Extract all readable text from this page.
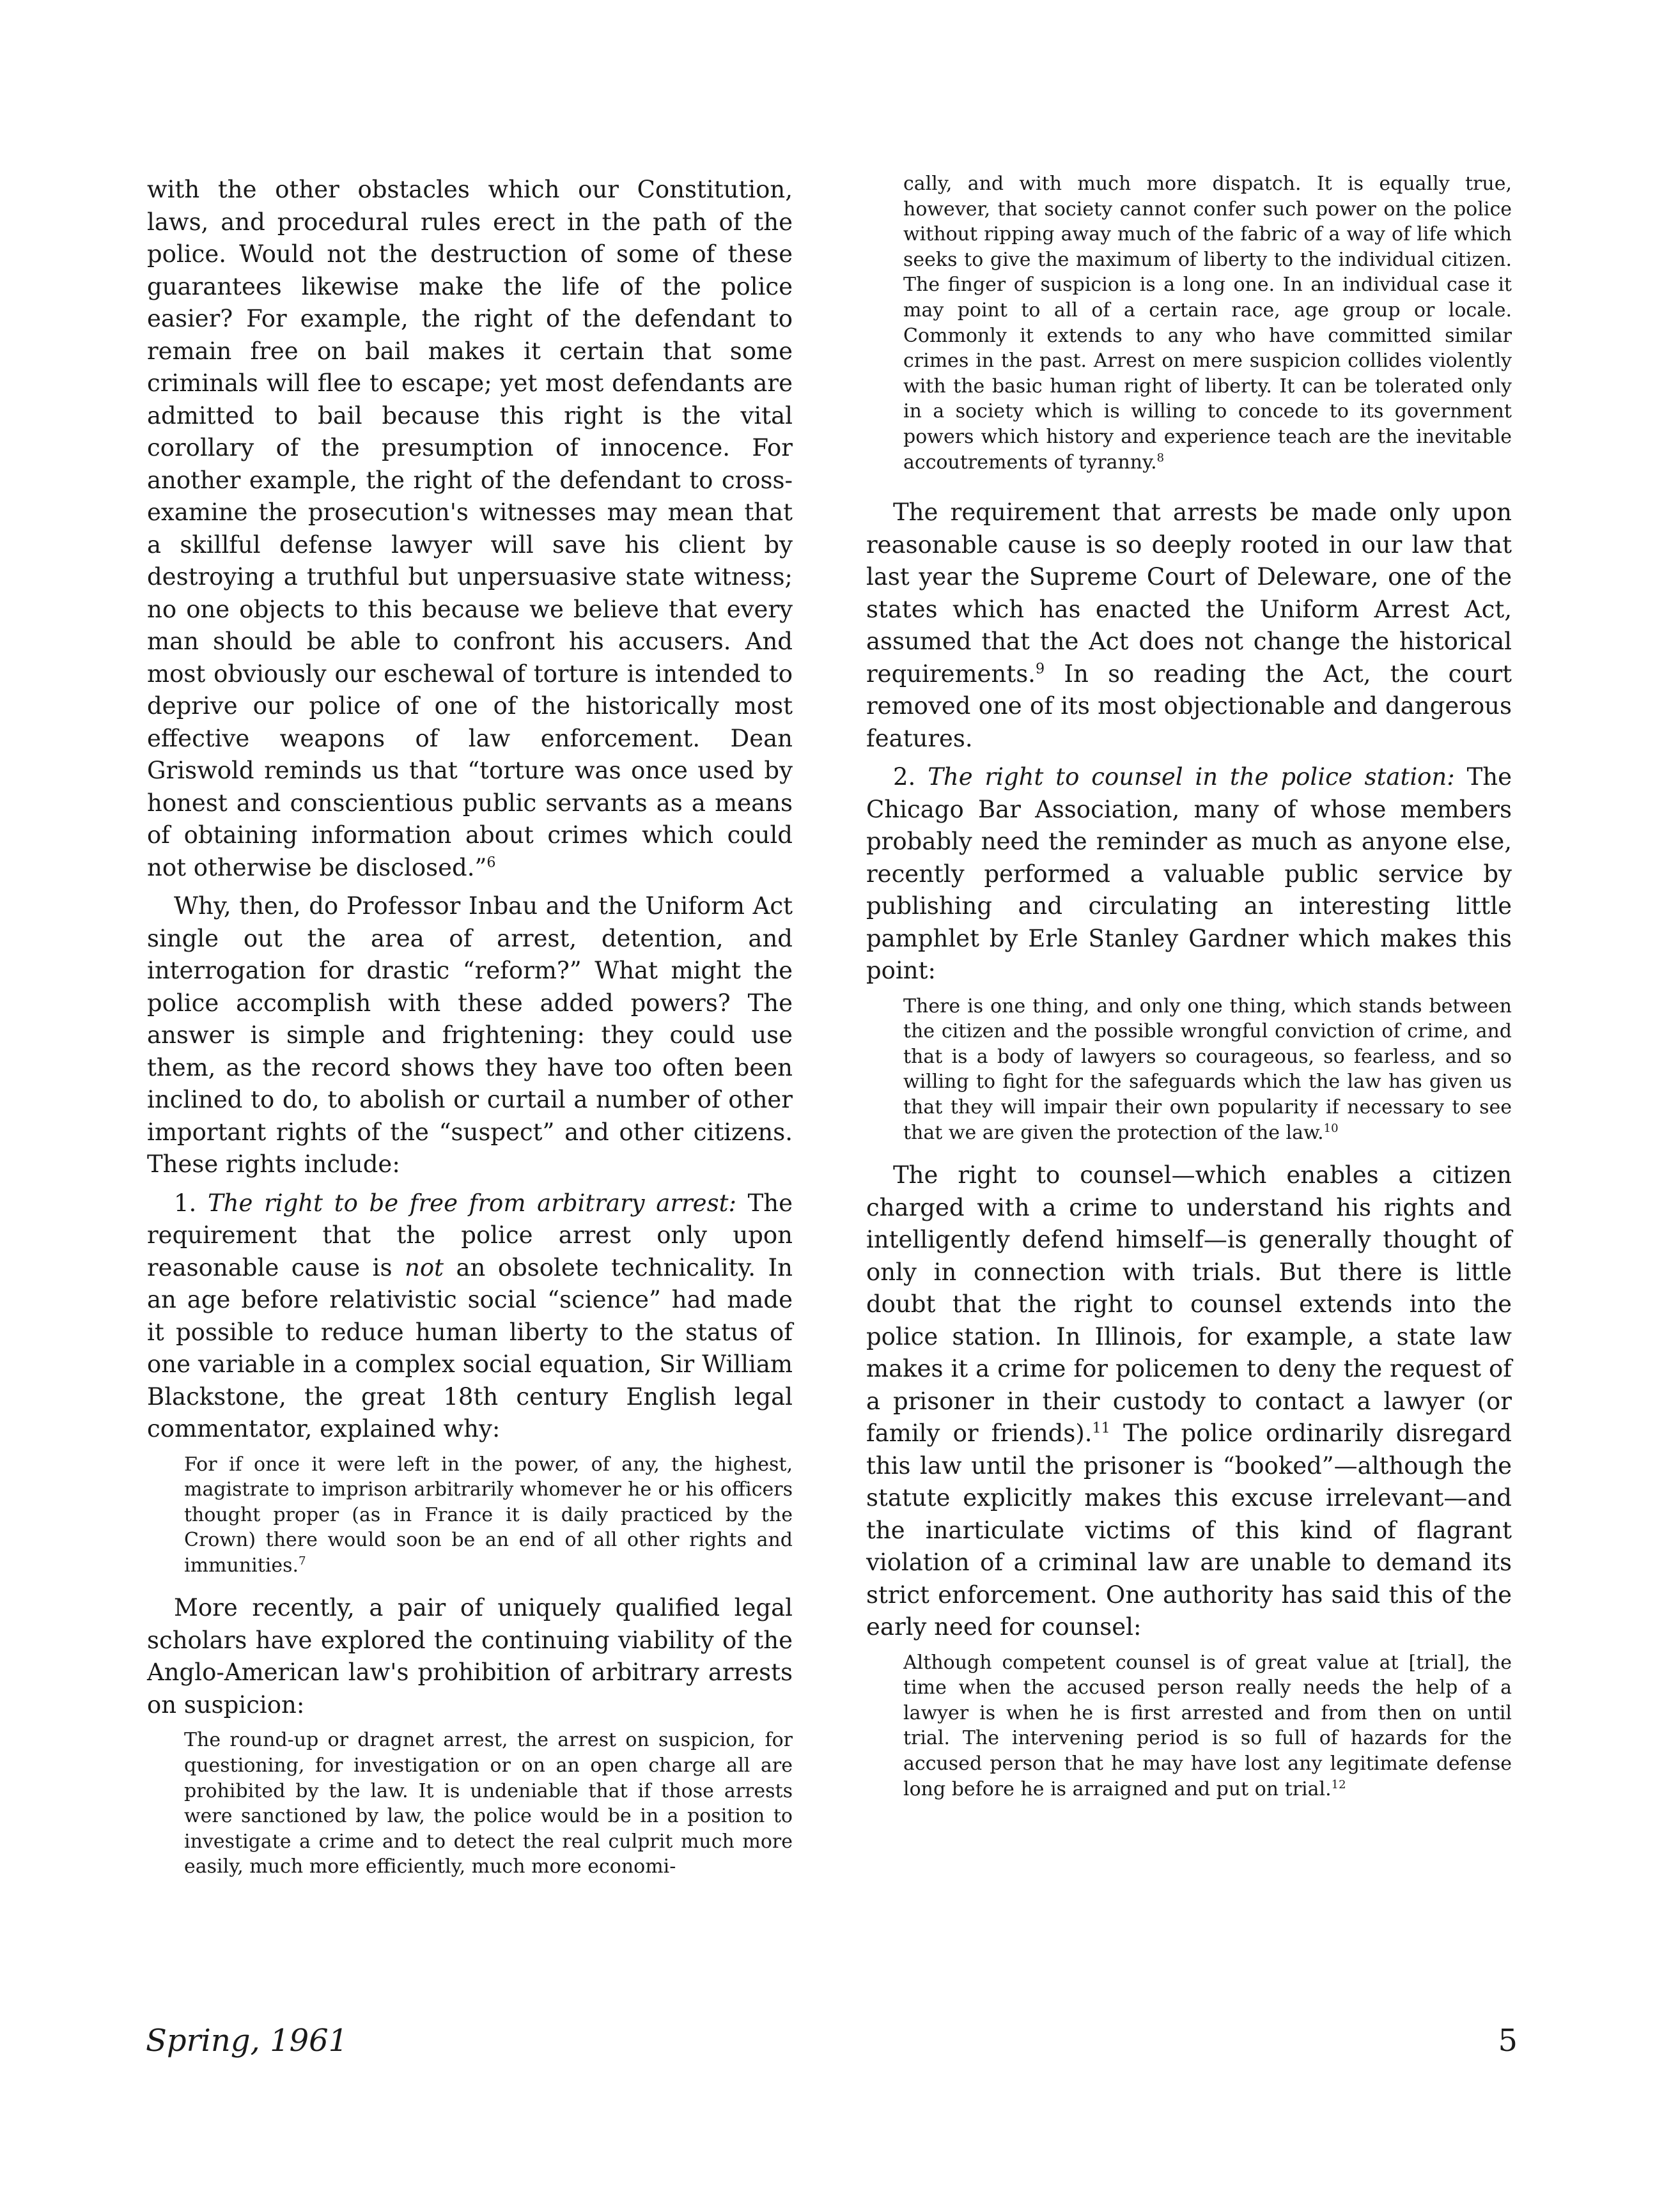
with the other obstacles which our Constitution, laws, and procedural rules erect in the path of the police. Would not the destruction of some of these guarantees likewise make the life of the police easier? For example, the right of the defendant to remain free on bail makes it certain that some criminals will flee to escape; yet most defendants are admitted to bail because this right is the vital corollary of the presumption of innocence. For another example, the right of the defendant to cross-examine the prosecution's witnesses may mean that a skillful defense lawyer will save his client by destroying a truthful but unpersuasive state witness; no one objects to this because we believe that every man should be able to confront his accusers. And most obviously our eschewal of torture is intended to deprive our police of one of the historically most effective weapons of law enforcement. Dean Griswold reminds us that “torture was once used by honest and conscientious public servants as a means of obtaining information about crimes which could not otherwise be disclosed.”$^6$

Why, then, do Professor Inbau and the Uniform Act single out the area of arrest, detention, and interrogation for drastic “reform?” What might the police accomplish with these added powers? The answer is simple and frightening: they could use them, as the record shows they have too often been inclined to do, to abolish or curtail a number of other important rights of the “suspect” and other citizens. These rights include:

1. The right to be free from arbitrary arrest: The requirement that the police arrest only upon reasonable cause is not an obsolete technicality. In an age before relativistic social “science” had made it possible to reduce human liberty to the status of one variable in a complex social equation, Sir William Blackstone, the great 18th century English legal commentator, explained why:

For if once it were left in the power, of any, the highest, magistrate to imprison arbitrarily whomever he or his officers thought proper (as in France it is daily practiced by the Crown) there would soon be an end of all other rights and immunities.$^7$

More recently, a pair of uniquely qualified legal scholars have explored the continuing viability of the Anglo-American law's prohibition of arbitrary arrests on suspicion:

The round-up or dragnet arrest, the arrest on suspicion, for questioning, for investigation or on an open charge all are prohibited by the law. It is undeniable that if those arrests were sanctioned by law, the police would be in a position to investigate a crime and to detect the real culprit much more easily, much more efficiently, much more economi-

cally, and with much more dispatch. It is equally true, however, that society cannot confer such power on the police without ripping away much of the fabric of a way of life which seeks to give the maximum of liberty to the individual citizen. The finger of suspicion is a long one. In an individual case it may point to all of a certain race, age group or locale. Commonly it extends to any who have committed similar crimes in the past. Arrest on mere suspicion collides violently with the basic human right of liberty. It can be tolerated only in a society which is willing to concede to its government powers which history and experience teach are the inevitable accoutrements of tyranny.$^8$

The requirement that arrests be made only upon reasonable cause is so deeply rooted in our law that last year the Supreme Court of Deleware, one of the states which has enacted the Uniform Arrest Act, assumed that the Act does not change the historical requirements.$^9$ In so reading the Act, the court removed one of its most objectionable and dangerous features.

2. The right to counsel in the police station: The Chicago Bar Association, many of whose members probably need the reminder as much as anyone else, recently performed a valuable public service by publishing and circulating an interesting little pamphlet by Erle Stanley Gardner which makes this point:

There is one thing, and only one thing, which stands between the citizen and the possible wrongful conviction of crime, and that is a body of lawyers so courageous, so fearless, and so willing to fight for the safeguards which the law has given us that they will impair their own popularity if necessary to see that we are given the protection of the law.$^{10}$

The right to counsel—which enables a citizen charged with a crime to understand his rights and intelligently defend himself—is generally thought of only in connection with trials. But there is little doubt that the right to counsel extends into the police station. In Illinois, for example, a state law makes it a crime for policemen to deny the request of a prisoner in their custody to contact a lawyer (or family or friends).$^{11}$ The police ordinarily disregard this law until the prisoner is “booked”—although the statute explicitly makes this excuse irrelevant—and the inarticulate victims of this kind of flagrant violation of a criminal law are unable to demand its strict enforcement. One authority has said this of the early need for counsel:

Although competent counsel is of great value at [trial], the time when the accused person really needs the help of a lawyer is when he is first arrested and from then on until trial. The intervening period is so full of hazards for the accused person that he may have lost any legitimate defense long before he is arraigned and put on trial.$^{12}$

Spring, 1961	5
